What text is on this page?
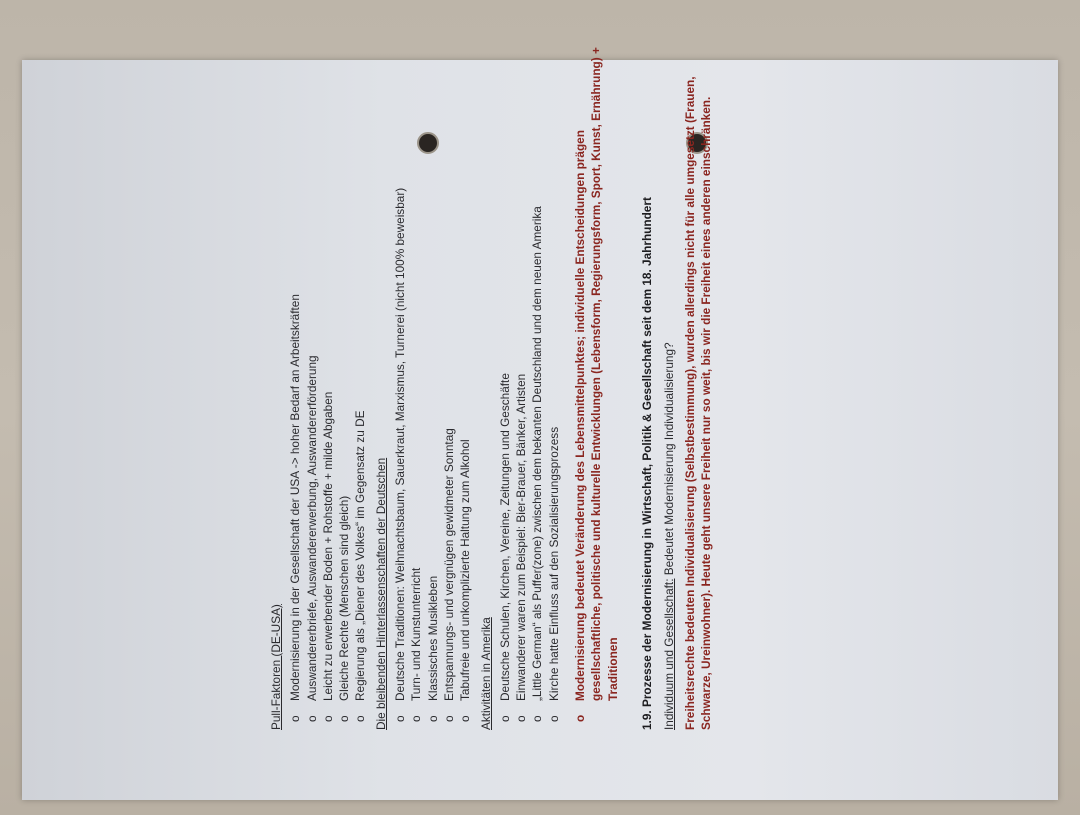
Pull-Faktoren (DE-USA) o Modernisierung in der Gesellschaft der USA -> hoher Bedarf an Arbeitskräften o Auswandererbriefe, Auswandererwerbung, Auswandererförderung o Leicht zu erwerbender Boden + Rohstoffe + milde Abgaben o Gleiche Rechte (Menschen sind gleich) o Regierung als „Diener des Volkes“ im Gegensatz zu DE Die bleibenden Hinterlassenschaften der Deutschen o Deutsche Traditionen: Weihnachtsbaum, Sauerkraut, Marxismus, Turnerei (nicht 100% beweisbar) o Turn- und Kunstunterricht o Klassisches Musikleben o Entspannungs- und vergnügen gewidmeter Sonntag o Tabufreie und unkomplizierte Haltung zum Alkohol Aktivitäten in Amerika o Deutsche Schulen, Kirchen, Vereine, Zeitungen und Geschäfte o Einwanderer waren zum Beispiel: Bier-Brauer, Bänker, Artisten o „Little German“ als Puffer(zone) zwischen dem bekanten Deutschland und dem neuen Amerika o Kirche hatte Einfluss auf den Sozialisierungsprozess o Modernisierung bedeutet Veränderung des Lebensmittelpunktes; individuelle Entscheidungen prägen gesellschaftliche, politische und kulturelle Entwicklungen (Lebensform, Regierungsform, Sport, Kunst, Ernährung) + Traditionen 1.9. Prozesse der Modernisierung in Wirtschaft, Politik & Gesellschaft seit dem 18. Jahrhundert Individuum und Gesellschaft: Bedeutet Modernisierung Individualisierung? Freiheitsrechte bedeuten Individualisierung (Selbstbestimmung), wurden allerdings nicht für alle umgesetzt (Frauen, Schwarze, Ureinwohner). Heute geht unsere Freiheit nur so weit, bis wir die Freiheit eines anderen einschränken.
